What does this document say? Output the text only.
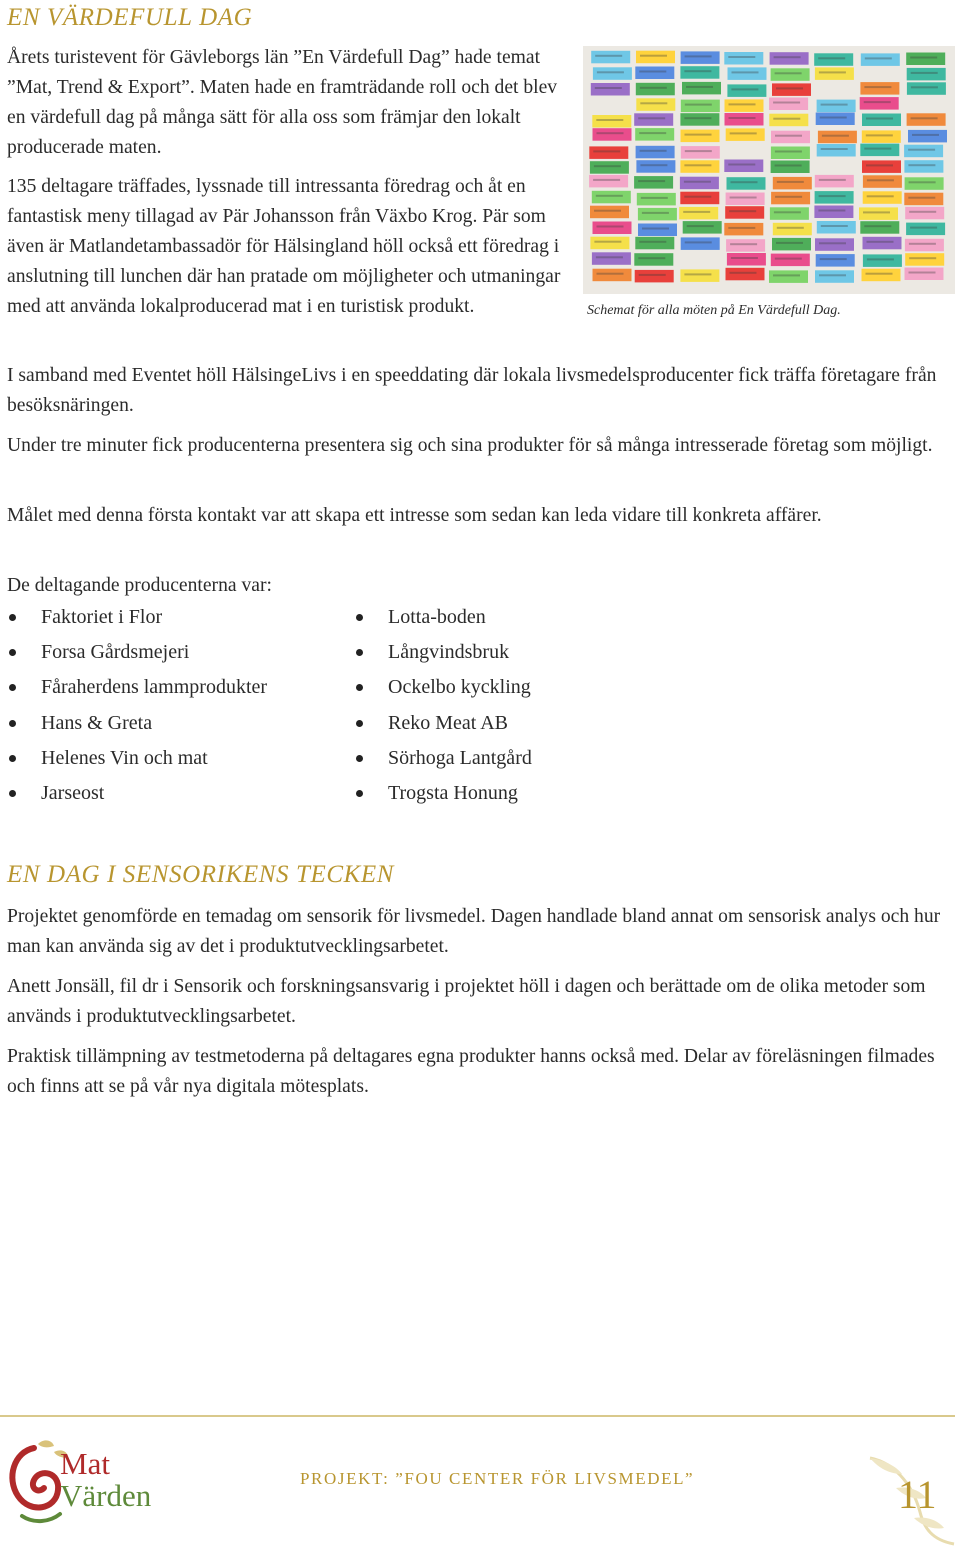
EN VÄRDEFULL DAG

Årets turistevent för Gävleborgs län ”En Värdefull Dag” hade temat ”Mat, Trend & Export”. Maten hade en framträdande roll och det blev en värdefull dag på många sätt för alla oss som främjar den lokalt producerade maten.

135 deltagare träffades, lyssnade till intressanta föredrag och åt en fantastisk meny tillagad av Pär Johansson från Växbo Krog. Pär som även är Matlandetambassadör för Hälsingland höll också ett föredrag i anslutning till lunchen där han pratade om möjligheter och utmaningar med att använda lokalproducerad mat i en turistisk produkt.	Schemat för alla möten på En Värdefull Dag.

I samband med Eventet höll HälsingeLivs i en speeddating där lokala livsmedelsproducenter fick träffa företagare från besöksnäringen.

Under tre minuter fick producenterna presentera sig och sina produkter för så många intresserade företag som möjligt.

Målet med denna första kontakt var att skapa ett intresse som sedan kan leda vidare till konkreta affärer.

De deltagande producenterna var:

Faktoriet i Flor
Forsa Gårdsmejeri
Fåraherdens lammprodukter
Hans & Greta
Helenes Vin och mat
Jarseost
Lotta-boden
Långvindsbruk
Ockelbo kyckling
Reko Meat AB
Sörhoga Lantgård
Trogsta Honung
EN DAG I SENSORIKENS TECKEN

Projektet genomförde en temadag om sensorik för livsmedel. Dagen handlade bland annat om sensorisk analys och hur man kan använda sig av det i produktutvecklingsarbetet.

Anett Jonsäll, fil dr i Sensorik och forskningsansvarig i projektet höll i dagen och berättade om de olika metoder som används i produktutvecklingsarbetet.

Praktisk tillämpning av testmetoderna på deltagares egna produkter hanns också med. Delar av föreläsningen filmades och finns att se på vår nya digitala mötesplats.

Mat
Värden	PROJEKT: ”FOU CENTER FÖR LIVSMEDEL”	11
